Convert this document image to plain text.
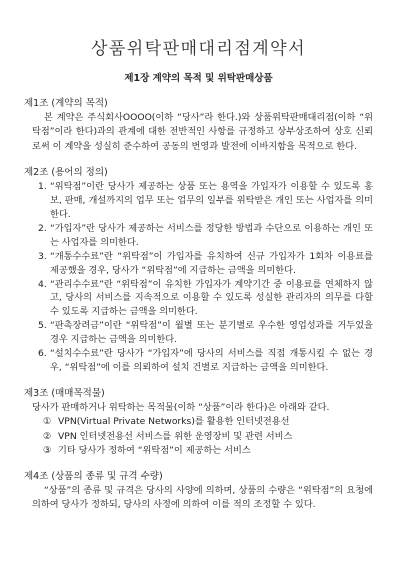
상품위탁판매대리점계약서
제1장 계약의 목적 및 위탁판매상품
제1조 (계약의 목적)

본 계약은 주식회사OOOO(이하 “당사”라 한다.)와 상품위탁판매대리점(이하 “위탁점”이라 한다)과의 관계에 대한 전반적인 사항를 규정하고 상부상조하여 상호 신뢰로써 이 계약을 성실히 준수하여 공동의 번영과 발전에 이바지함을 목적으로 한다.

제2조 (용어의 정의)
1. “위탁점”이란 당사가 제공하는 상품 또는 용역을 가입자가 이용할 수 있도록 홍보, 판매, 개설까지의 업무 또는 업무의 일부를 위탁받은 개인 또는 사업자를 의미한다.
2. “가입자”란 당사가 제공하는 서비스를 정당한 방법과 수단으로 이용하는 개인 또는 사업자를 의미한다.
3. “개통수수료”란 “위탁점”이 가입자를 유치하여 신규 가입자가 1회차 이용료를 제공했을 경우, 당사가 “위탁점”에 지급하는 금액을 의미한다.
4. “관리수수료”란 “위탁점”이 유치한 가입자가 계약기간 중 이용료를 연체하지 않고, 당사의 서비스를 지속적으로 이용할 수 있도록 성실한 관리자의 의무를 다할 수 있도록 지급하는 금액을 의미한다.
5. “판촉장려금”이란 “위탁점”이 월별 또는 분기별로 우수한 영업성과를 거두었을 경우 지급하는 금액을 의미한다.
6. “설치수수료”란 당사가 “가입자”에 당사의 서비스를 직접 개통시킬 수 없는 경우, “위탁점”에 이를 의뢰하여 설치 건별로 지급하는 금액을 의미한다.
제3조 (매매목적물)

당사가 판매하거나 위탁하는 목적물(이하 “상품”이라 한다)은 아래와 같다.

① VPN(Virtual Private Networks)를 활용한 인터넷전용선
② VPN 인터넷전용선 서비스를 위한 운영장비 및 관련 서비스
③ 기타 당사가 정하여 “위탁점”이 제공하는 서비스
제4조 (상품의 종류 및 규격 수량)

“상품”의 종류 및 규격은 당사의 사양에 의하며, 상품의 수량은 “위탁점”의 요청에 의하여 당사가 정하되, 당사의 사정에 의하여 이를 적의 조정할 수 있다.
